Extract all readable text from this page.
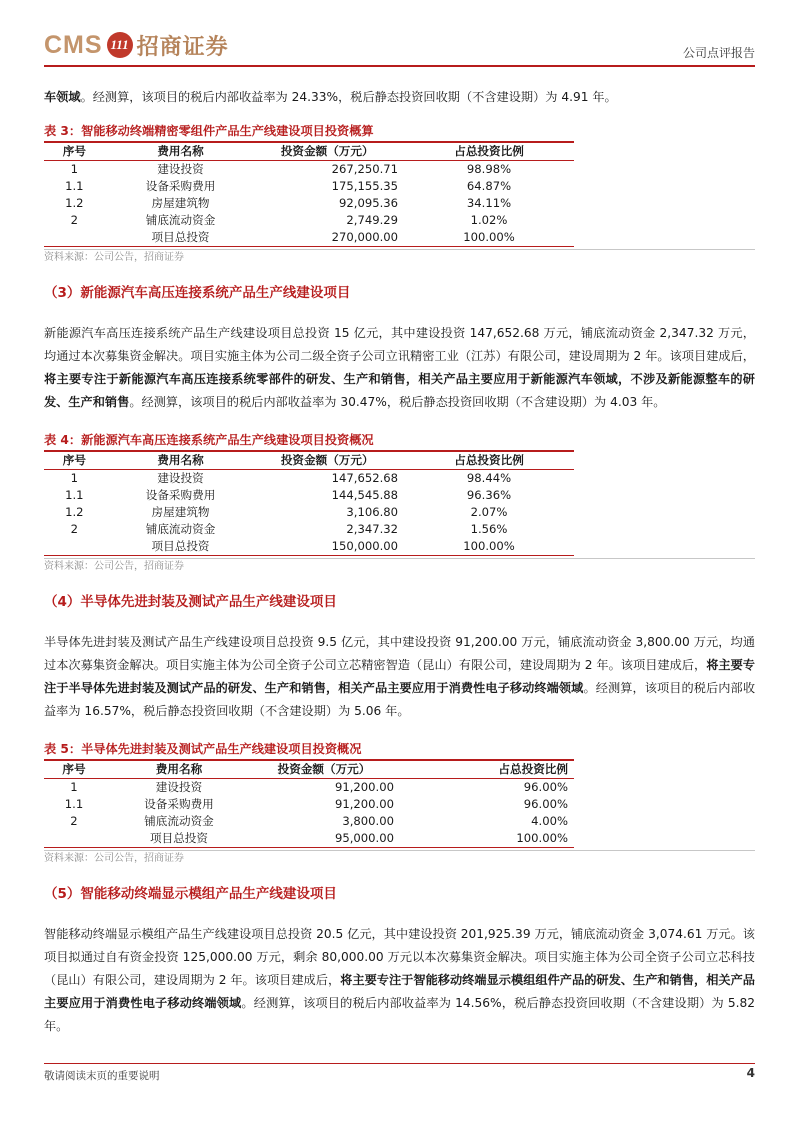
CMS 111 招商证券	公司点评报告

车领域。经测算，该项目的税后内部收益率为 24.33%，税后静态投资回收期（不含建设期）为 4.91 年。

表 3：智能移动终端精密零组件产品生产线建设项目投资概算

序号	费用名称	投资金额（万元）	占总投资比例
1	建设投资	267,250.71	98.98%
1.1	设备采购费用	175,155.35	64.87%
1.2	房屋建筑物	92,095.36	34.11%
2	铺底流动资金	2,749.29	1.02%
	项目总投资	270,000.00	100.00%
资料来源：公司公告，招商证券

（3）新能源汽车高压连接系统产品生产线建设项目

新能源汽车高压连接系统产品生产线建设项目总投资 15 亿元，其中建设投资 147,652.68 万元，铺底流动资金 2,347.32 万元，均通过本次募集资金解决。项目实施主体为公司二级全资子公司立讯精密工业（江苏）有限公司，建设周期为 2 年。该项目建成后，将主要专注于新能源汽车高压连接系统零部件的研发、生产和销售，相关产品主要应用于新能源汽车领域，不涉及新能源整车的研发、生产和销售。经测算，该项目的税后内部收益率为 30.47%，税后静态投资回收期（不含建设期）为 4.03 年。

表 4：新能源汽车高压连接系统产品生产线建设项目投资概况

序号	费用名称	投资金额（万元）	占总投资比例
1	建设投资	147,652.68	98.44%
1.1	设备采购费用	144,545.88	96.36%
1.2	房屋建筑物	3,106.80	2.07%
2	铺底流动资金	2,347.32	1.56%
	项目总投资	150,000.00	100.00%
资料来源：公司公告，招商证券

（4）半导体先进封装及测试产品生产线建设项目

半导体先进封装及测试产品生产线建设项目总投资 9.5 亿元，其中建设投资 91,200.00 万元，铺底流动资金 3,800.00 万元，均通过本次募集资金解决。项目实施主体为公司全资子公司立芯精密智造（昆山）有限公司，建设周期为 2 年。该项目建成后，将主要专注于半导体先进封装及测试产品的研发、生产和销售，相关产品主要应用于消费性电子移动终端领域。经测算，该项目的税后内部收益率为 16.57%，税后静态投资回收期（不含建设期）为 5.06 年。

表 5：半导体先进封装及测试产品生产线建设项目投资概况

序号	费用名称	投资金额（万元）	占总投资比例
1	建设投资	91,200.00	96.00%
1.1	设备采购费用	91,200.00	96.00%
2	铺底流动资金	3,800.00	4.00%
	项目总投资	95,000.00	100.00%
资料来源：公司公告，招商证券

（5）智能移动终端显示模组产品生产线建设项目

智能移动终端显示模组产品生产线建设项目总投资 20.5 亿元，其中建设投资 201,925.39 万元，铺底流动资金 3,074.61 万元。该项目拟通过自有资金投资 125,000.00 万元，剩余 80,000.00 万元以本次募集资金解决。项目实施主体为公司全资子公司立芯科技（昆山）有限公司，建设周期为 2 年。该项目建成后，将主要专注于智能移动终端显示模组组件产品的研发、生产和销售，相关产品主要应用于消费性电子移动终端领域。经测算，该项目的税后内部收益率为 14.56%，税后静态投资回收期（不含建设期）为 5.82 年。

敬请阅读末页的重要说明	4
